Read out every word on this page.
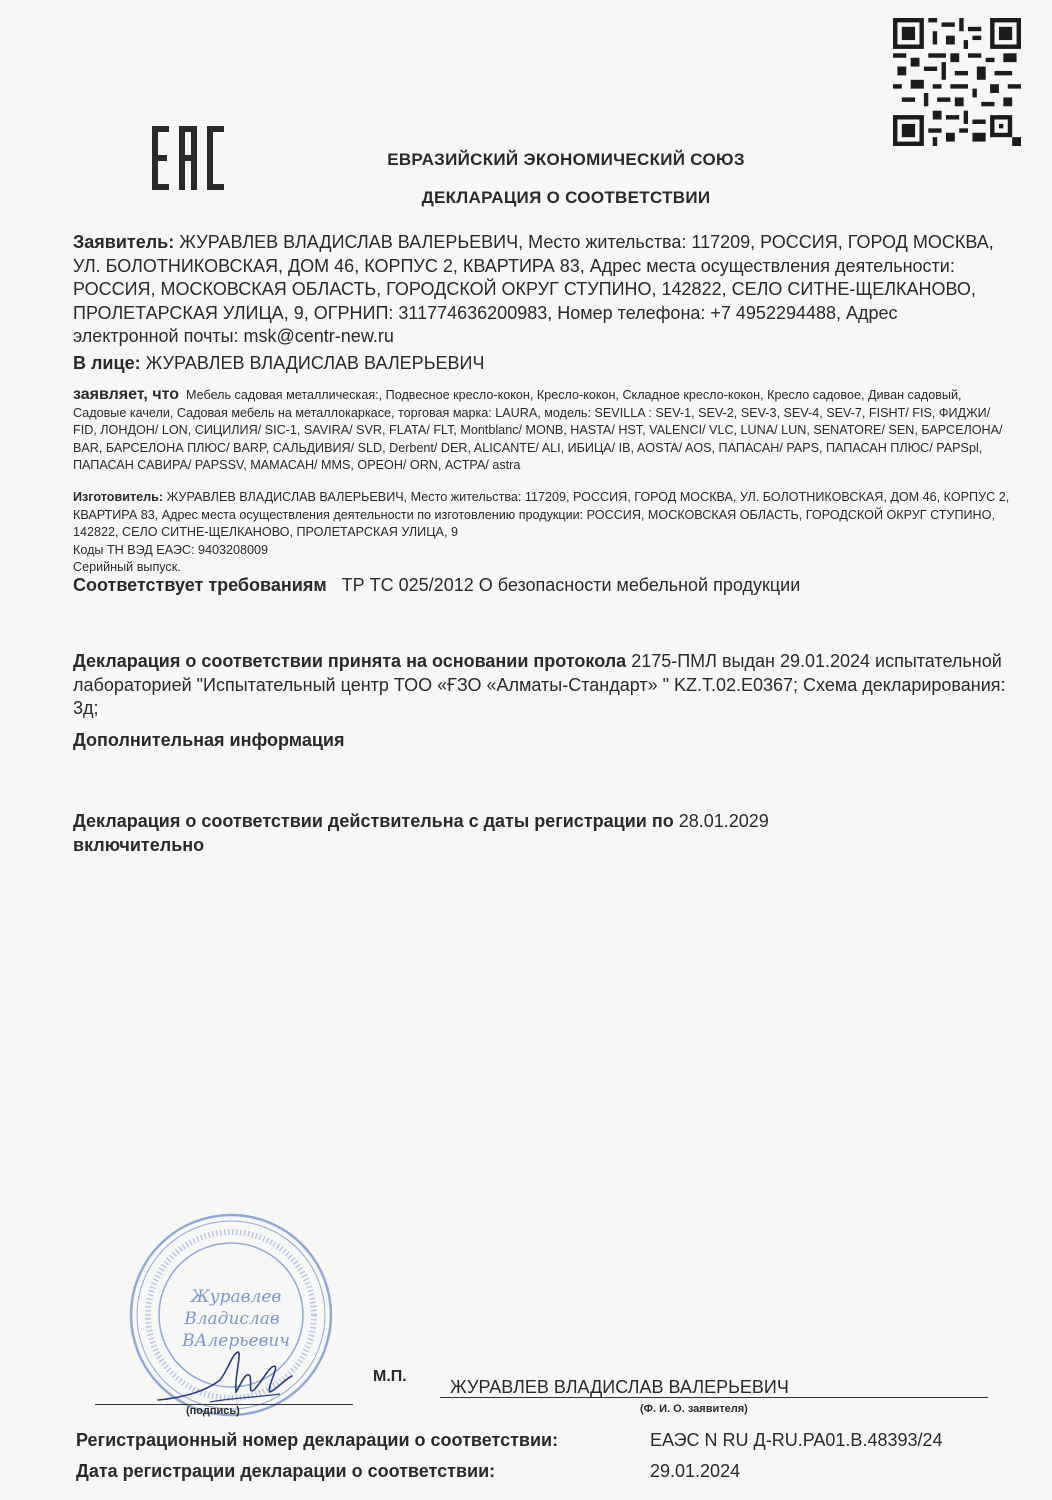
ЕВРАЗИЙСКИЙ ЭКОНОМИЧЕСКИЙ СОЮЗ
ДЕКЛАРАЦИЯ О СООТВЕТСТВИИ
Заявитель: ЖУРАВЛЕВ ВЛАДИСЛАВ ВАЛЕРЬЕВИЧ, Место жительства: 117209, РОССИЯ, ГОРОД МОСКВА, УЛ. БОЛОТНИКОВСКАЯ, ДОМ 46, КОРПУС 2, КВАРТИРА 83, Адрес места осуществления деятельности: РОССИЯ, МОСКОВСКАЯ ОБЛАСТЬ, ГОРОДСКОЙ ОКРУГ СТУПИНО, 142822, СЕЛО СИТНЕ-ЩЕЛКАНОВО, ПРОЛЕТАРСКАЯ УЛИЦА, 9, ОГРНИП: 311774636200983, Номер телефона: +7 4952294488, Адрес электронной почты: msk@centr-new.ru
В лице: ЖУРАВЛЕВ ВЛАДИСЛАВ ВАЛЕРЬЕВИЧ
заявляет, что Мебель садовая металлическая:, Подвесное кресло-кокон, Кресло-кокон, Складное кресло-кокон, Кресло садовое, Диван садовый, Садовые качели, Садовая мебель на металлокаркасе, торговая марка: LAURA, модель: SEVILLA : SEV-1, SEV-2, SEV-3, SEV-4, SEV-7, FISHT/ FIS, ФИДЖИ/ FID, ЛОНДОН/ LON, СИЦИЛИЯ/ SIC-1, SAVIRA/ SVR, FLATA/ FLT, Montblanc/ MONB, HASTA/ HST, VALENCI/ VLC, LUNA/ LUN, SENATORE/ SEN, БАРСЕЛОНА/ BAR, БАРСЕЛОНА ПЛЮС/ BARP, САЛЬДИВИЯ/ SLD, Derbent/ DER, ALICANTE/ ALI, ИБИЦА/ IB, AOSTA/ AOS, ПАПАСАН/ PAPS, ПАПАСАН ПЛЮС/ PAPSpl, ПАПАСАН САВИРА/ PAPSSV, МАМАСАН/ MMS, OPEOH/ ORN, АСТРА/ astra
Изготовитель: ЖУРАВЛЕВ ВЛАДИСЛАВ ВАЛЕРЬЕВИЧ, Место жительства: 117209, РОССИЯ, ГОРОД МОСКВА, УЛ. БОЛОТНИКОВСКАЯ, ДОМ 46, КОРПУС 2, КВАРТИРА 83, Адрес места осуществления деятельности по изготовлению продукции: РОССИЯ, МОСКОВСКАЯ ОБЛАСТЬ, ГОРОДСКОЙ ОКРУГ СТУПИНО, 142822, СЕЛО СИТНЕ-ЩЕЛКАНОВО, ПРОЛЕТАРСКАЯ УЛИЦА, 9
Коды ТН ВЭД ЕАЭС: 9403208009
Серийный выпуск.
Соответствует требованиям ТР ТС 025/2012 О безопасности мебельной продукции
Декларация о соответствии принята на основании протокола 2175-ПМЛ выдан 29.01.2024 испытательной лабораторией "Испытательный центр ТОО «ҒЗО «Алматы-Стандарт» " KZ.T.02.E0367; Схема декларирования: 3д;
Дополнительная информация
Декларация о соответствии действительна с даты регистрации по 28.01.2029
включительно
Журавлев
Владислав
ВАлерьевич
М.П.
ЖУРАВЛЕВ ВЛАДИСЛАВ ВАЛЕРЬЕВИЧ
(подпись)	(Ф. И. О. заявителя)
Регистрационный номер декларации о соответствии:	ЕАЭС N RU Д-RU.PA01.B.48393/24
Дата регистрации декларации о соответствии:	29.01.2024
